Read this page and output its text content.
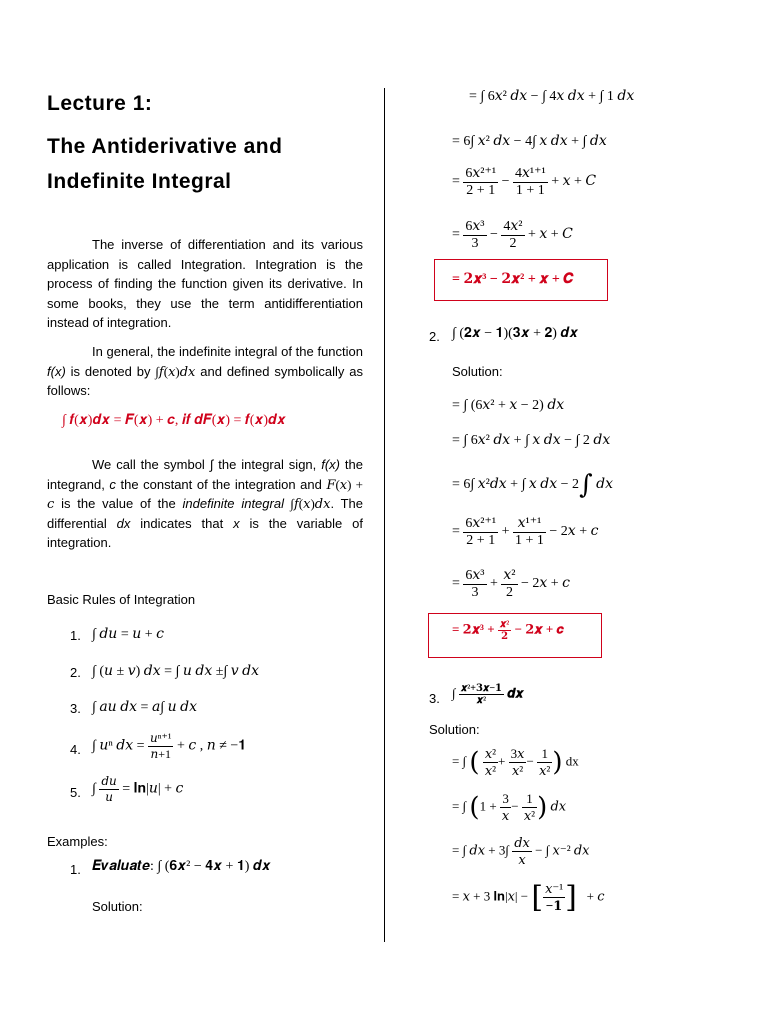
Lecture 1:
The Antiderivative and
Indefinite Integral

The inverse of differentiation and its various application is called Integration. Integration is the process of finding the function given its derivative. In some books, they use the term antidifferentiation instead of integration.

In general, the indefinite integral of the function f(x) is denoted by ∫𝑓(𝑥)𝑑𝑥 and defined symbolically as follows:

∫ 𝒇(𝒙)𝒅𝒙 = 𝑭(𝒙) + 𝒄, 𝒊𝒇 𝒅𝑭(𝒙) = 𝒇(𝒙)𝒅𝒙

We call the symbol ∫ the integral sign, f(x) the integrand, c the constant of the integration and 𝐹(𝑥) + 𝑐 is the value of the indefinite integral ∫𝑓(𝑥)𝑑𝑥. The differential dx indicates that x is the variable of integration.

Basic Rules of Integration
1. ∫ 𝑑𝑢 = 𝑢 + 𝑐
2. ∫ (𝑢 ± 𝑣) 𝑑𝑥 = ∫ 𝑢 𝑑𝑥 ±∫ 𝑣 𝑑𝑥
3. ∫ 𝑎𝑢 𝑑𝑥 = 𝑎∫ 𝑢 𝑑𝑥
4. ∫ 𝑢ⁿ 𝑑𝑥 = $\frac{\text{𝑢ⁿ⁺¹}}{\text{𝑛+1}}$ + 𝑐 , 𝑛 ≠ −𝟏
5. ∫ $\frac{\text{𝑑𝑢}}{\text{𝑢}}$ = 𝐥𝐧|𝑢| + 𝑐
Examples:
1. 𝑬𝒗𝒂𝒍𝒖𝒂𝒕𝒆: ∫ (𝟔𝒙² − 𝟒𝒙 + 𝟏) 𝒅𝒙
Solution:
= ∫ 6𝑥² 𝑑𝑥 − ∫ 4𝑥 𝑑𝑥 + ∫ 1 𝑑𝑥
= 6∫ 𝑥² 𝑑𝑥 − 4∫ 𝑥 𝑑𝑥 + ∫ 𝑑𝑥
= $\frac{\text{6𝑥²⁺¹}}{2 + 1} - \frac{\text{4𝑥¹⁺¹}}{1 + 1}$ + 𝑥 + 𝐶
= $\frac{\text{6𝑥³}}{3} - \frac{\text{4𝑥²}}{2}$ + 𝑥 + 𝐶
= 𝟐𝒙³ − 𝟐𝒙² + 𝒙 + 𝑪
2. ∫ (𝟐𝒙 − 𝟏)(𝟑𝒙 + 𝟐) 𝒅𝒙
Solution:
= ∫ (6𝑥² + 𝑥 − 2) 𝑑𝑥
= ∫ 6𝑥² 𝑑𝑥 + ∫ 𝑥 𝑑𝑥 − ∫ 2 𝑑𝑥
= 6∫ 𝑥²𝑑𝑥 + ∫ 𝑥 𝑑𝑥 − 2∫ 𝑑𝑥
= $\frac{\text{6𝑥²⁺¹}}{2 + 1} + \frac{\text{𝑥¹⁺¹}}{1 + 1}$ − 2𝑥 + 𝑐
= $\frac{\text{6𝑥³}}{3} + \frac{\text{𝑥²}}{2}$ − 2𝑥 + 𝑐
= 𝟐𝒙³ + $\frac{\text{𝒙²}}{𝟐}$ − 𝟐𝒙 + 𝒄
3. ∫ $\frac{\text{𝒙²+𝟑𝒙−𝟏}}{\text{𝒙²}}$ 𝒅𝒙
Solution:
= ∫ ( $\frac{\text{𝑥²}}{\text{𝑥²}} + \frac{\text{3𝑥}}{\text{𝑥²}} - \frac{1}{\text{𝑥²}}$ ) dx
= ∫ ($1 + \frac{3}{\text{𝑥}} - \frac{1}{\text{𝑥²}}$ ) 𝑑𝑥
= ∫ 𝑑𝑥 + $3\int \frac{\text{𝑑𝑥}}{\text{𝑥}}$ − ∫ 𝑥⁻² 𝑑𝑥
= 𝑥 + 3 𝐥𝐧|𝑥| − [ $\frac{\text{𝑥⁻¹}}{-𝟏}$ ] + 𝑐
